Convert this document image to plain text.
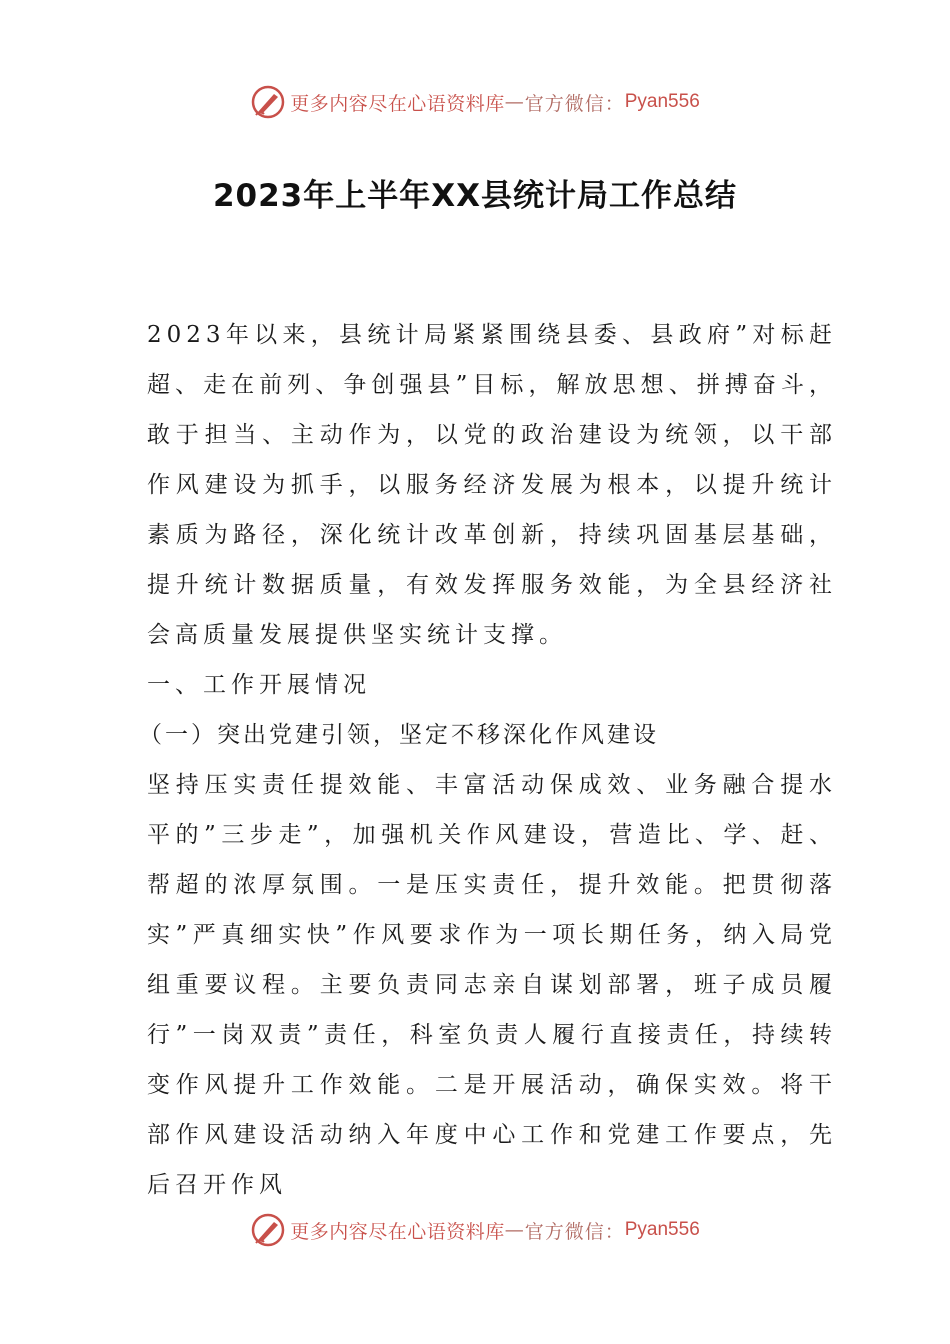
更多内容尽在心语资料库 — 官方微信： Pyan556
2023年上半年XX县统计局工作总结

2023年以来，县统计局紧紧围绕县委、县政府”对标赶超、走在前列、争创强县”目标，解放思想、拼搏奋斗，敢于担当、主动作为，以党的政治建设为统领，以干部作风建设为抓手，以服务经济发展为根本，以提升统计素质为路径，深化统计改革创新，持续巩固基层基础，提升统计数据质量，有效发挥服务效能，为全县经济社会高质量发展提供坚实统计支撑。

一、工作开展情况

（一）突出党建引领，坚定不移深化作风建设

坚持压实责任提效能、丰富活动保成效、业务融合提水平的”三步走”，加强机关作风建设，营造比、学、赶、帮超的浓厚氛围。一是压实责任，提升效能。把贯彻落实”严真细实快”作风要求作为一项长期任务，纳入局党组重要议程。主要负责同志亲自谋划部署，班子成员履行”一岗双责”责任，科室负责人履行直接责任，持续转变作风提升工作效能。二是开展活动，确保实效。将干部作风建设活动纳入年度中心工作和党建工作要点，先后召开作风

更多内容尽在心语资料库 — 官方微信： Pyan556
